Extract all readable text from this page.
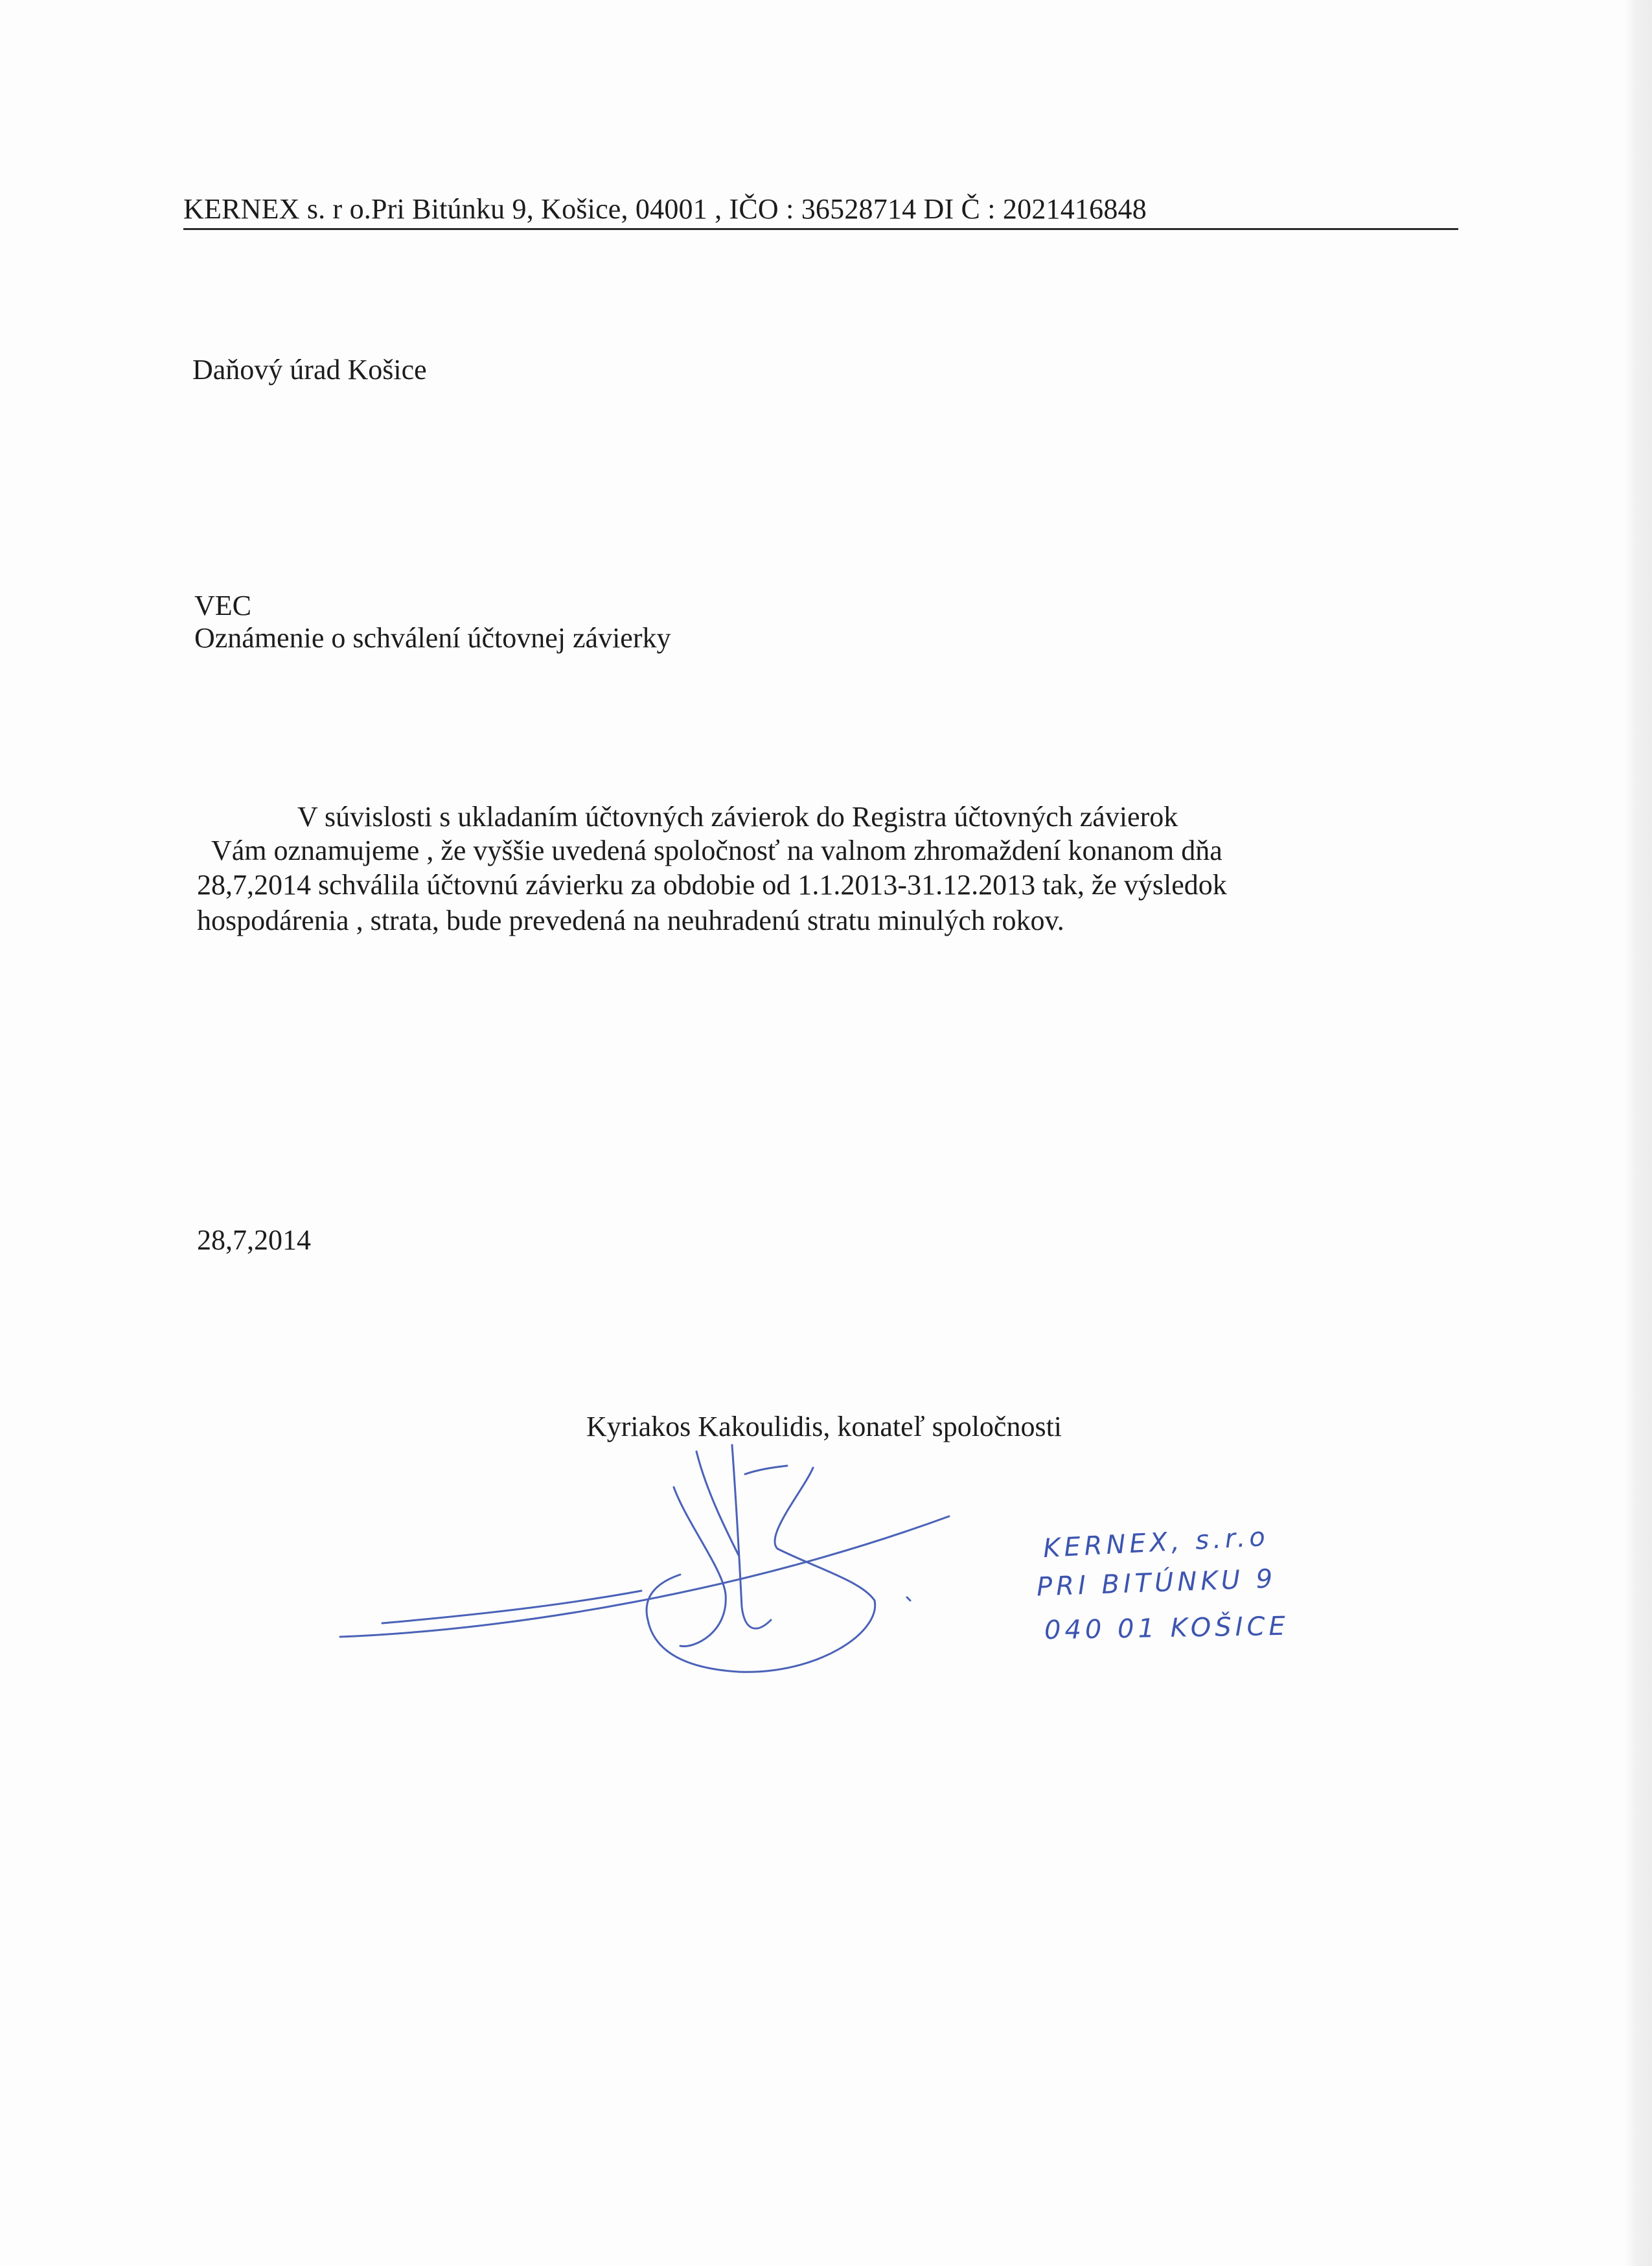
KERNEX s. r o.Pri Bitúnku 9, Košice, 04001 , IČO : 36528714 DI Č : 2021416848
Daňový úrad Košice
VEC
Oznámenie o schválení účtovnej závierky
V súvislosti s ukladaním účtovných závierok do Registra účtovných závierok
Vám oznamujeme , že vyššie uvedená spoločnosť na valnom zhromaždení konanom dňa
28,7,2014 schválila účtovnú závierku za obdobie od 1.1.2013-31.12.2013 tak, že výsledok
hospodárenia , strata, bude prevedená na neuhradenú stratu minulých rokov.
28,7,2014
Kyriakos Kakoulidis, konateľ spoločnosti
KERNEX, s.r.o
PRI BITÚNKU 9
040 01 KOŠICE
